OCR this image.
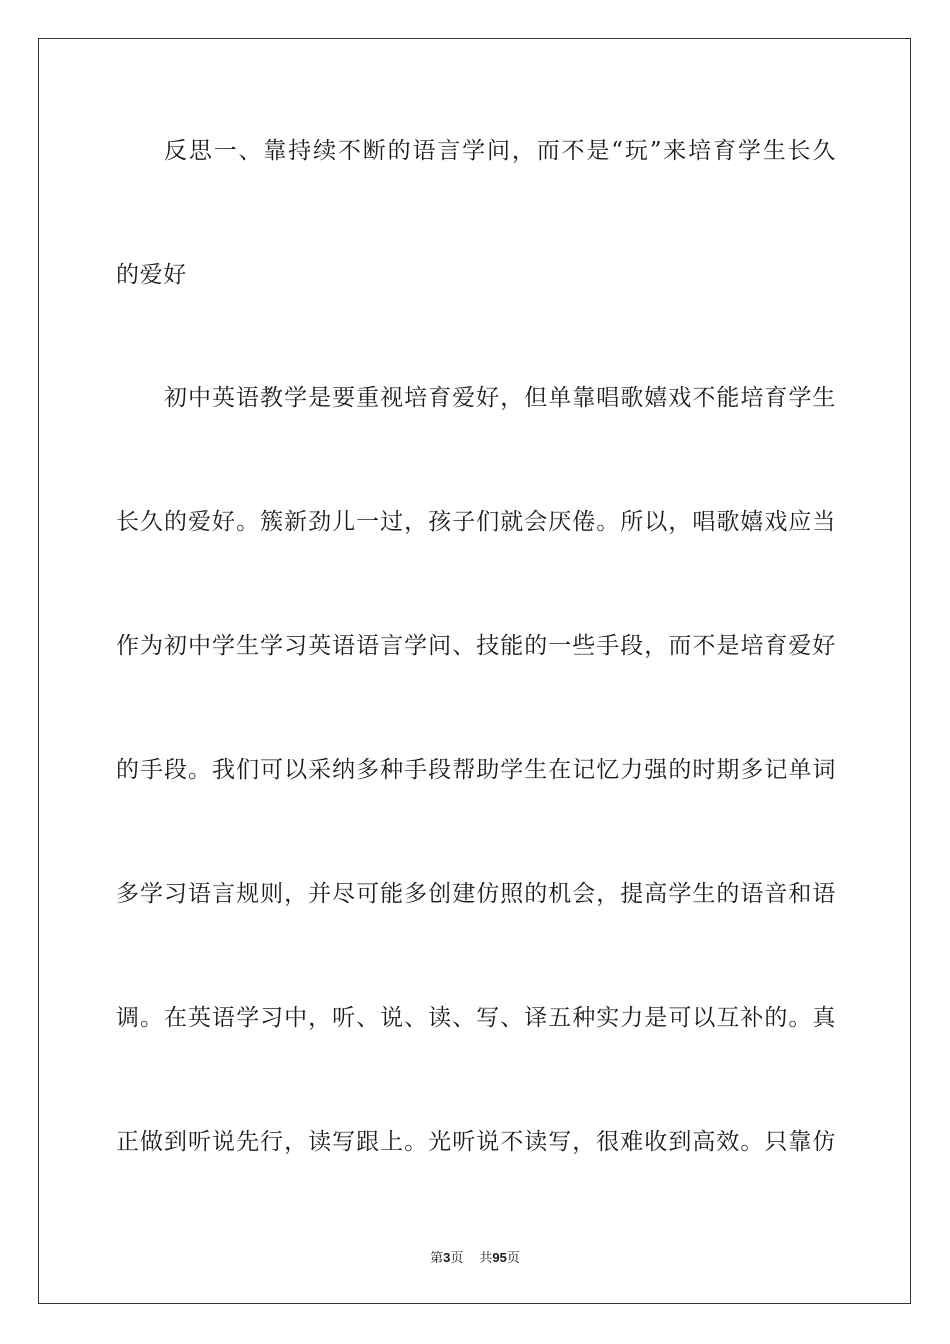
反思一、靠持续不断的语言学问，而不是“玩”来培育学生长久

的爱好

初中英语教学是要重视培育爱好，但单靠唱歌嬉戏不能培育学生

长久的爱好。簇新劲儿一过，孩子们就会厌倦。所以，唱歌嬉戏应当

作为初中学生学习英语语言学问、技能的一些手段，而不是培育爱好

的手段。我们可以采纳多种手段帮助学生在记忆力强的时期多记单词

多学习语言规则，并尽可能多创建仿照的机会，提高学生的语音和语

调。在英语学习中，听、说、读、写、译五种实力是可以互补的。真

正做到听说先行，读写跟上。光听说不读写，很难收到高效。只靠仿

第3页 共95页
